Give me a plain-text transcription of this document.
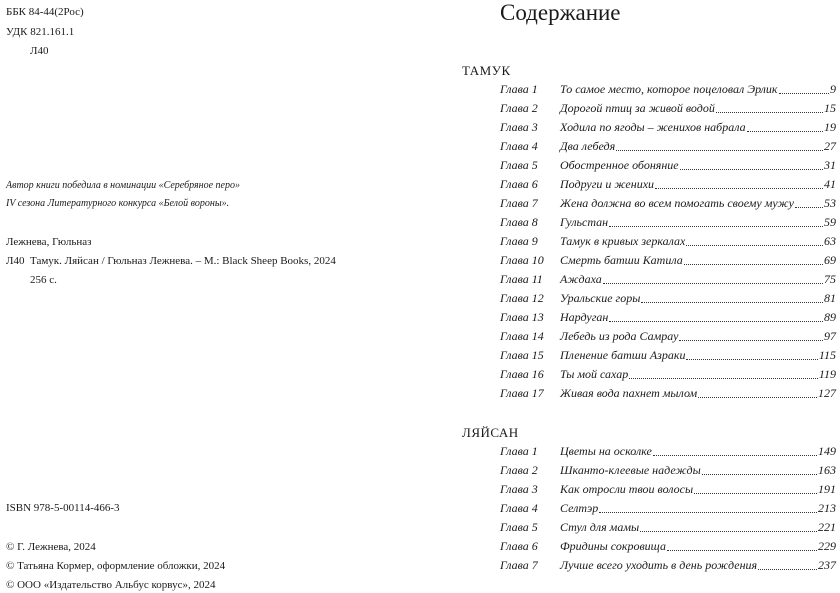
ББК 84-44(2Рос)
УДК 821.161.1
Л40
Автор книги победила в номинации «Серебряное перо»
IV сезона Литературного конкурса «Белой вороны».
Лежнева, Гюльназ
Л40 Тамук. Ляйсан / Гюльназ Лежнева. – М.: Black Sheep Books, 2024
256 с.
ISBN 978-5-00114-466-3
© Г. Лежнева, 2024
© Татьяна Кормер, оформление обложки, 2024
© ООО «Издательство Альбус корвус», 2024
Содержание
ТАМУК
Глава 1	То самое место, которое поцеловал Эрлик	9
Глава 2	Дорогой птиц за живой водой	15
Глава 3	Ходила по ягоды – женихов набрала	19
Глава 4	Два лебедя	27
Глава 5	Обостренное обоняние	31
Глава 6	Подруги и женихи	41
Глава 7	Жена должна во всем помогать своему мужу	53
Глава 8	Гульстан	59
Глава 9	Тамук в кривых зеркалах	63
Глава 10	Смерть батши Катила	69
Глава 11	Аждаха	75
Глава 12	Уральские горы	81
Глава 13	Нардуган	89
Глава 14	Лебедь из рода Самрау	97
Глава 15	Пленение батши Азраки	115
Глава 16	Ты мой сахар	119
Глава 17	Живая вода пахнет мылом	127
ЛЯЙСАН
Глава 1	Цветы на осколке	149
Глава 2	Шканто-клеевые надежды	163
Глава 3	Как отросли твои волосы	191
Глава 4	Селтэр	213
Глава 5	Стул для мамы	221
Глава 6	Фридины сокровища	229
Глава 7	Лучше всего уходить в день рождения	237
